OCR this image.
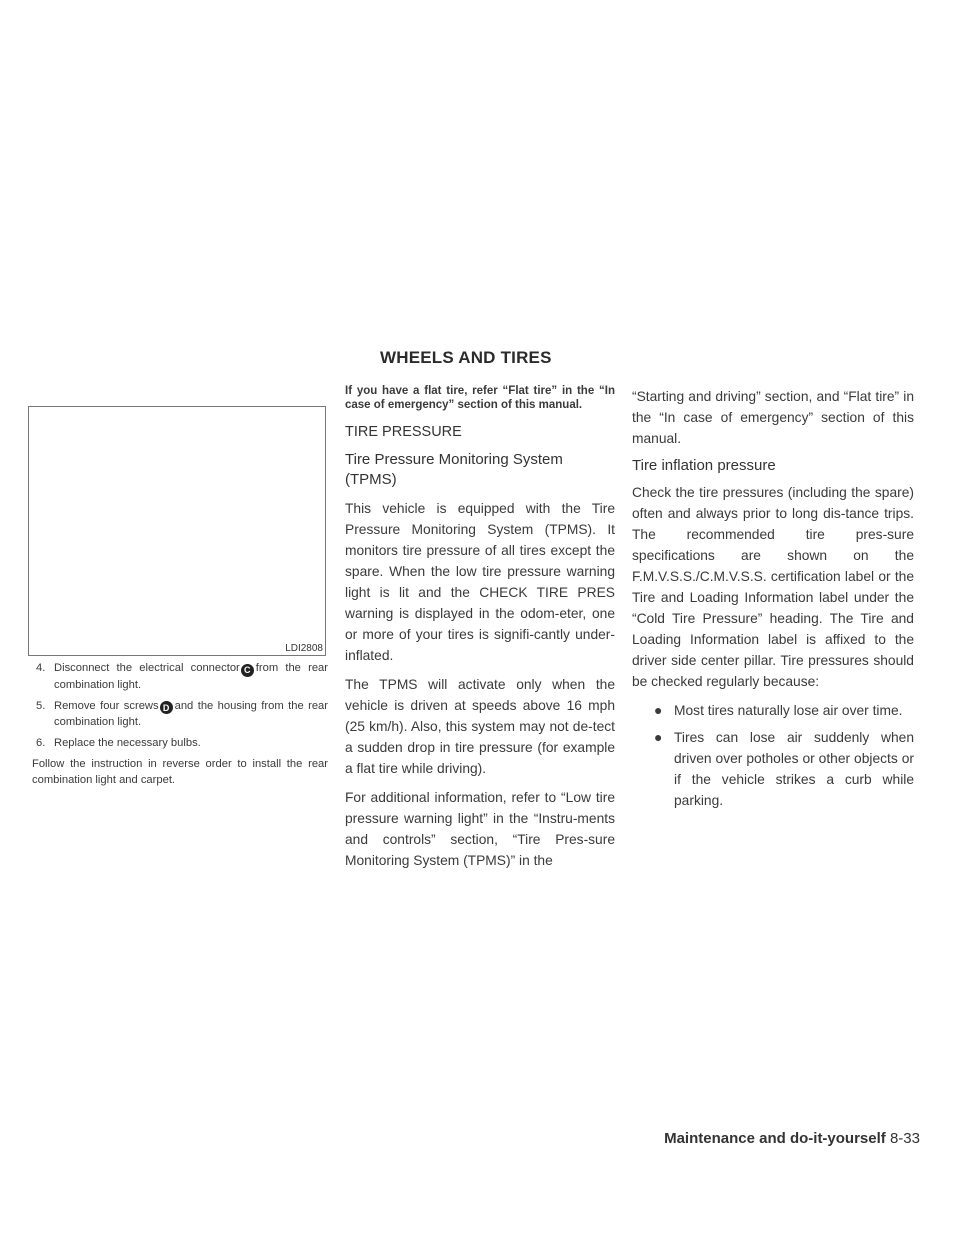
WHEELS AND TIRES
LDI2808
4. Disconnect the electrical connector C from the rear combination light.
5. Remove four screws D and the housing from the rear combination light.
6. Replace the necessary bulbs.

Follow the instruction in reverse order to install the rear combination light and carpet.

If you have a flat tire, refer “Flat tire” in the “In case of emergency” section of this manual.

TIRE PRESSURE
Tire Pressure Monitoring System (TPMS)

This vehicle is equipped with the Tire Pressure Monitoring System (TPMS). It monitors tire pressure of all tires except the spare. When the low tire pressure warning light is lit and the CHECK TIRE PRES warning is displayed in the odom-eter, one or more of your tires is signifi-cantly under-inflated.

The TPMS will activate only when the vehicle is driven at speeds above 16 mph (25 km/h). Also, this system may not de-tect a sudden drop in tire pressure (for example a flat tire while driving).

For additional information, refer to “Low tire pressure warning light” in the “Instru-ments and controls” section, “Tire Pres-sure Monitoring System (TPMS)” in the

“Starting and driving” section, and “Flat tire” in the “In case of emergency” section of this manual.

Tire inflation pressure

Check the tire pressures (including the spare) often and always prior to long dis-tance trips. The recommended tire pres-sure specifications are shown on the F.M.V.S.S./C.M.V.S.S. certification label or the Tire and Loading Information label under the “Cold Tire Pressure” heading. The Tire and Loading Information label is affixed to the driver side center pillar. Tire pressures should be checked regularly because:

● Most tires naturally lose air over time.
● Tires can lose air suddenly when driven over potholes or other objects or if the vehicle strikes a curb while parking.
Maintenance and do-it-yourself 8-33
